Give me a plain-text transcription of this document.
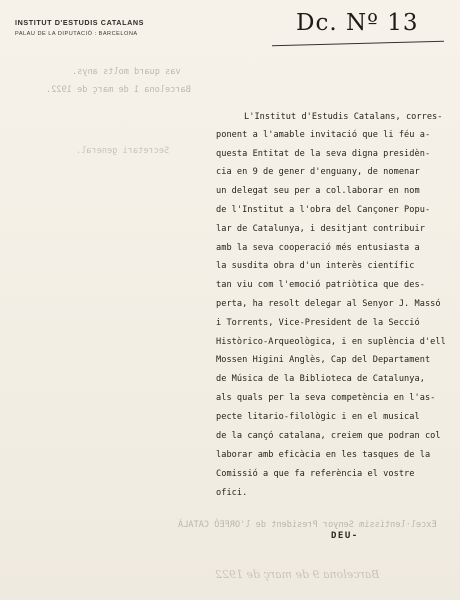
INSTITUT D'ESTUDIS CATALANS
PALAU DE LA DIPUTACIÓ : BARCELONA	Dc. Nº 13
vas quard molts anys.
Barcelona 1 de març de 1922.
Secretari general.
Excel·lentíssim Senyor President de l'ORFEÓ CATALÀ
Barcelona 9 de març de 1922
L'Institut d'Estudis Catalans, corres-
ponent a l'amable invitació que li féu a-
questa Entitat de la seva digna presidèn-
cia en 9 de gener d'enguany, de nomenar
un delegat seu per a col.laborar en nom
de l'Institut a l'obra del Cançoner Popu-
lar de Catalunya, i desitjant contribuir
amb la seva cooperació més entusiasta a
la susdita obra d'un interès científic
tan viu com l'emoció patriòtica que des-
perta, ha resolt delegar al Senyor J. Massó
i Torrents, Vice-President de la Secció
Històrico-Arqueològica, i en suplència d'ell
Mossen Higini Anglès, Cap del Departament
de Música de la Biblioteca de Catalunya,
als quals per la seva competència en l'as-
pecte litario-filològic i en el musical
de la cançó catalana, creiem que podran col
laborar amb eficàcia en les tasques de la
Comissió a que fa referència el vostre
ofici.
DEU-
